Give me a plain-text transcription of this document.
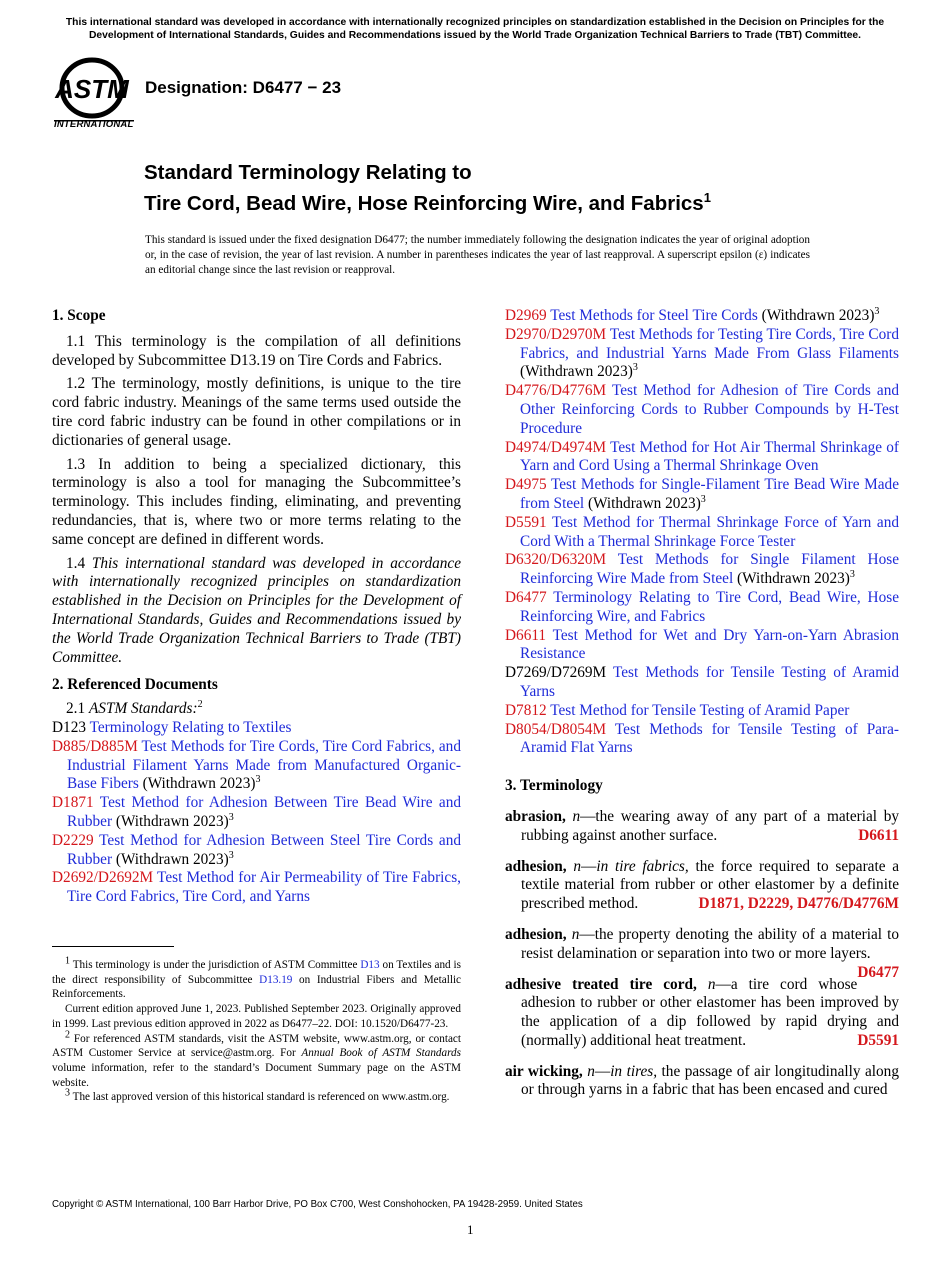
This international standard was developed in accordance with internationally recognized principles on standardization established in the Decision on Principles for the Development of International Standards, Guides and Recommendations issued by the World Trade Organization Technical Barriers to Trade (TBT) Committee.
ASTM
INTERNATIONAL
Designation: D6477 − 23
Standard Terminology Relating to
Tire Cord, Bead Wire, Hose Reinforcing Wire, and Fabrics$^1$
This standard is issued under the fixed designation D6477; the number immediately following the designation indicates the year of original adoption or, in the case of revision, the year of last revision. A number in parentheses indicates the year of last reapproval. A superscript epsilon (ε) indicates an editorial change since the last revision or reapproval.

1. Scope

1.1 This terminology is the compilation of all definitions developed by Subcommittee D13.19 on Tire Cords and Fabrics.

1.2 The terminology, mostly definitions, is unique to the tire cord fabric industry. Meanings of the same terms used outside the tire cord fabric industry can be found in other compilations or in dictionaries of general usage.

1.3 In addition to being a specialized dictionary, this terminology is also a tool for managing the Subcommittee’s terminology. This includes finding, eliminating, and preventing redundancies, that is, where two or more terms relating to the same concept are defined in different words.

1.4 This international standard was developed in accordance with internationally recognized principles on standardization established in the Decision on Principles for the Development of International Standards, Guides and Recommendations issued by the World Trade Organization Technical Barriers to Trade (TBT) Committee.

2. Referenced Documents

2.1 ASTM Standards:$^2$

D123 Terminology Relating to Textiles

D885/D885M Test Methods for Tire Cords, Tire Cord Fabrics, and Industrial Filament Yarns Made from Manufactured Organic-Base Fibers (Withdrawn 2023)$^3$

D1871 Test Method for Adhesion Between Tire Bead Wire and Rubber (Withdrawn 2023)$^3$

D2229 Test Method for Adhesion Between Steel Tire Cords and Rubber (Withdrawn 2023)$^3$

D2692/D2692M Test Method for Air Permeability of Tire Fabrics, Tire Cord Fabrics, Tire Cord, and Yarns

D2969 Test Methods for Steel Tire Cords (Withdrawn 2023)$^3$

D2970/D2970M Test Methods for Testing Tire Cords, Tire Cord Fabrics, and Industrial Yarns Made From Glass Filaments (Withdrawn 2023)$^3$

D4776/D4776M Test Method for Adhesion of Tire Cords and Other Reinforcing Cords to Rubber Compounds by H-Test Procedure

D4974/D4974M Test Method for Hot Air Thermal Shrinkage of Yarn and Cord Using a Thermal Shrinkage Oven

D4975 Test Methods for Single-Filament Tire Bead Wire Made from Steel (Withdrawn 2023)$^3$

D5591 Test Method for Thermal Shrinkage Force of Yarn and Cord With a Thermal Shrinkage Force Tester

D6320/D6320M Test Methods for Single Filament Hose Reinforcing Wire Made from Steel (Withdrawn 2023)$^3$

D6477 Terminology Relating to Tire Cord, Bead Wire, Hose Reinforcing Wire, and Fabrics

D6611 Test Method for Wet and Dry Yarn-on-Yarn Abrasion Resistance

D7269/D7269M Test Methods for Tensile Testing of Aramid Yarns

D7812 Test Method for Tensile Testing of Aramid Paper

D8054/D8054M Test Methods for Tensile Testing of Para-Aramid Flat Yarns

3. Terminology

abrasion, n—the wearing away of any part of a material by rubbing against another surface.	D6611

adhesion, n—in tire fabrics, the force required to separate a textile material from rubber or other elastomer by a definite prescribed method.	D1871, D2229, D4776/D4776M

adhesion, n—the property denoting the ability of a material to resist delamination or separation into two or more layers.
D6477

adhesive treated tire cord, n—a tire cord whose adhesion to rubber or other elastomer has been improved by the application of a dip followed by rapid drying and (normally) additional heat treatment.	D5591

air wicking, n—in tires, the passage of air longitudinally along or through yarns in a fabric that has been encased and cured

1 This terminology is under the jurisdiction of ASTM Committee D13 on Textiles and is the direct responsibility of Subcommittee D13.19 on Industrial Fibers and Metallic Reinforcements.

Current edition approved June 1, 2023. Published September 2023. Originally approved in 1999. Last previous edition approved in 2022 as D6477–22. DOI: 10.1520/D6477-23.

2 For referenced ASTM standards, visit the ASTM website, www.astm.org, or contact ASTM Customer Service at service@astm.org. For Annual Book of ASTM Standards volume information, refer to the standard’s Document Summary page on the ASTM website.

3 The last approved version of this historical standard is referenced on www.astm.org.

Copyright © ASTM International, 100 Barr Harbor Drive, PO Box C700, West Conshohocken, PA 19428-2959. United States
1
